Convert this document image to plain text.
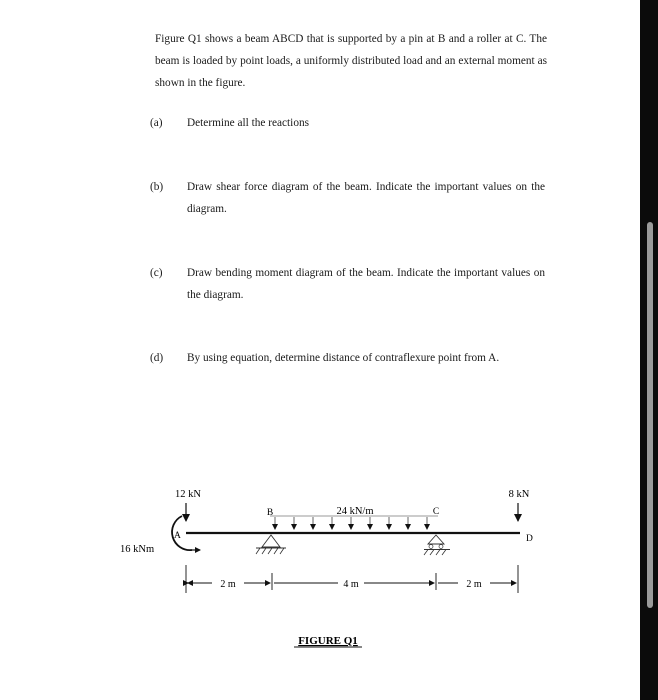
Figure Q1 shows a beam ABCD that is supported by a pin at B and a roller at C. The beam is loaded by point loads, a uniformly distributed load and an external moment as shown in the figure.

(a)	Determine all the reactions
(b)	Draw shear force diagram of the beam. Indicate the important values on the diagram.
(c)	Draw bending moment diagram of the beam. Indicate the important values on the diagram.
(d)	By using equation, determine distance of contraflexure point from A.
12 kN	8 kN
16 kNm
A
24 kN/m
B	C
D
2 m	4 m	2 m
FIGURE Q1
